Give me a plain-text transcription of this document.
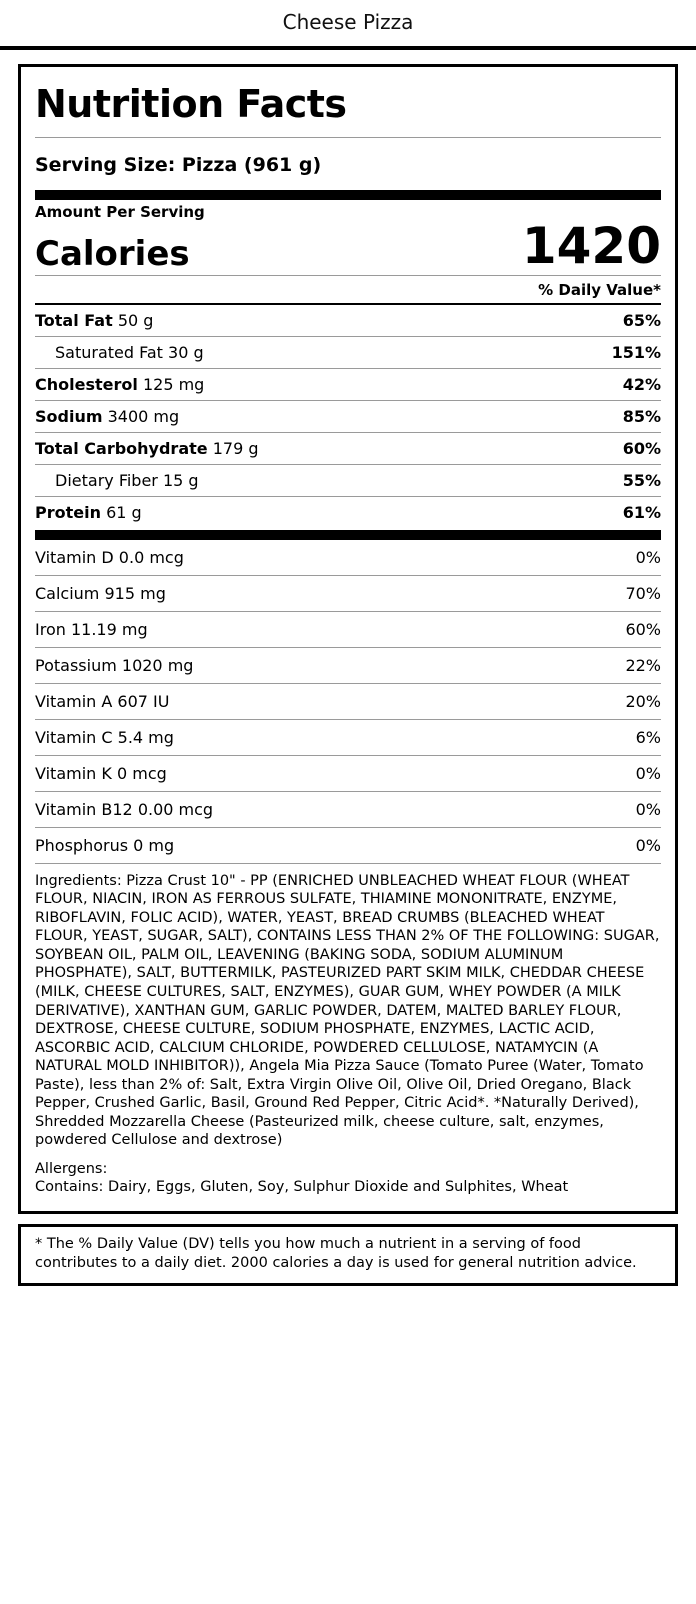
Cheese Pizza
Nutrition Facts
Serving Size: Pizza (961 g)
Amount Per Serving
Calories	1420
% Daily Value*
Total Fat 50 g	65%
Saturated Fat 30 g	151%
Cholesterol 125 mg	42%
Sodium 3400 mg	85%
Total Carbohydrate 179 g	60%
Dietary Fiber 15 g	55%
Protein 61 g	61%
Vitamin D 0.0 mcg	0%
Calcium 915 mg	70%
Iron 11.19 mg	60%
Potassium 1020 mg	22%
Vitamin A 607 IU	20%
Vitamin C 5.4 mg	6%
Vitamin K 0 mcg	0%
Vitamin B12 0.00 mcg	0%
Phosphorus 0 mg	0%
Ingredients: Pizza Crust 10" - PP (ENRICHED UNBLEACHED WHEAT FLOUR (WHEAT FLOUR, NIACIN, IRON AS FERROUS SULFATE, THIAMINE MONONITRATE, ENZYME, RIBOFLAVIN, FOLIC ACID), WATER, YEAST, BREAD CRUMBS (BLEACHED WHEAT FLOUR, YEAST, SUGAR, SALT), CONTAINS LESS THAN 2% OF THE FOLLOWING: SUGAR, SOYBEAN OIL, PALM OIL, LEAVENING (BAKING SODA, SODIUM ALUMINUM PHOSPHATE), SALT, BUTTERMILK, PASTEURIZED PART SKIM MILK, CHEDDAR CHEESE (MILK, CHEESE CULTURES, SALT, ENZYMES), GUAR GUM, WHEY POWDER (A MILK DERIVATIVE), XANTHAN GUM, GARLIC POWDER, DATEM, MALTED BARLEY FLOUR, DEXTROSE, CHEESE CULTURE, SODIUM PHOSPHATE, ENZYMES, LACTIC ACID, ASCORBIC ACID, CALCIUM CHLORIDE, POWDERED CELLULOSE, NATAMYCIN (A NATURAL MOLD INHIBITOR)), Angela Mia Pizza Sauce (Tomato Puree (Water, Tomato Paste), less than 2% of: Salt, Extra Virgin Olive Oil, Olive Oil, Dried Oregano, Black Pepper, Crushed Garlic, Basil, Ground Red Pepper, Citric Acid*. *Naturally Derived), Shredded Mozzarella Cheese (Pasteurized milk, cheese culture, salt, enzymes, powdered Cellulose and dextrose)
Allergens:
Contains: Dairy, Eggs, Gluten, Soy, Sulphur Dioxide and Sulphites, Wheat
* The % Daily Value (DV) tells you how much a nutrient in a serving of food contributes to a daily diet. 2000 calories a day is used for general nutrition advice.
